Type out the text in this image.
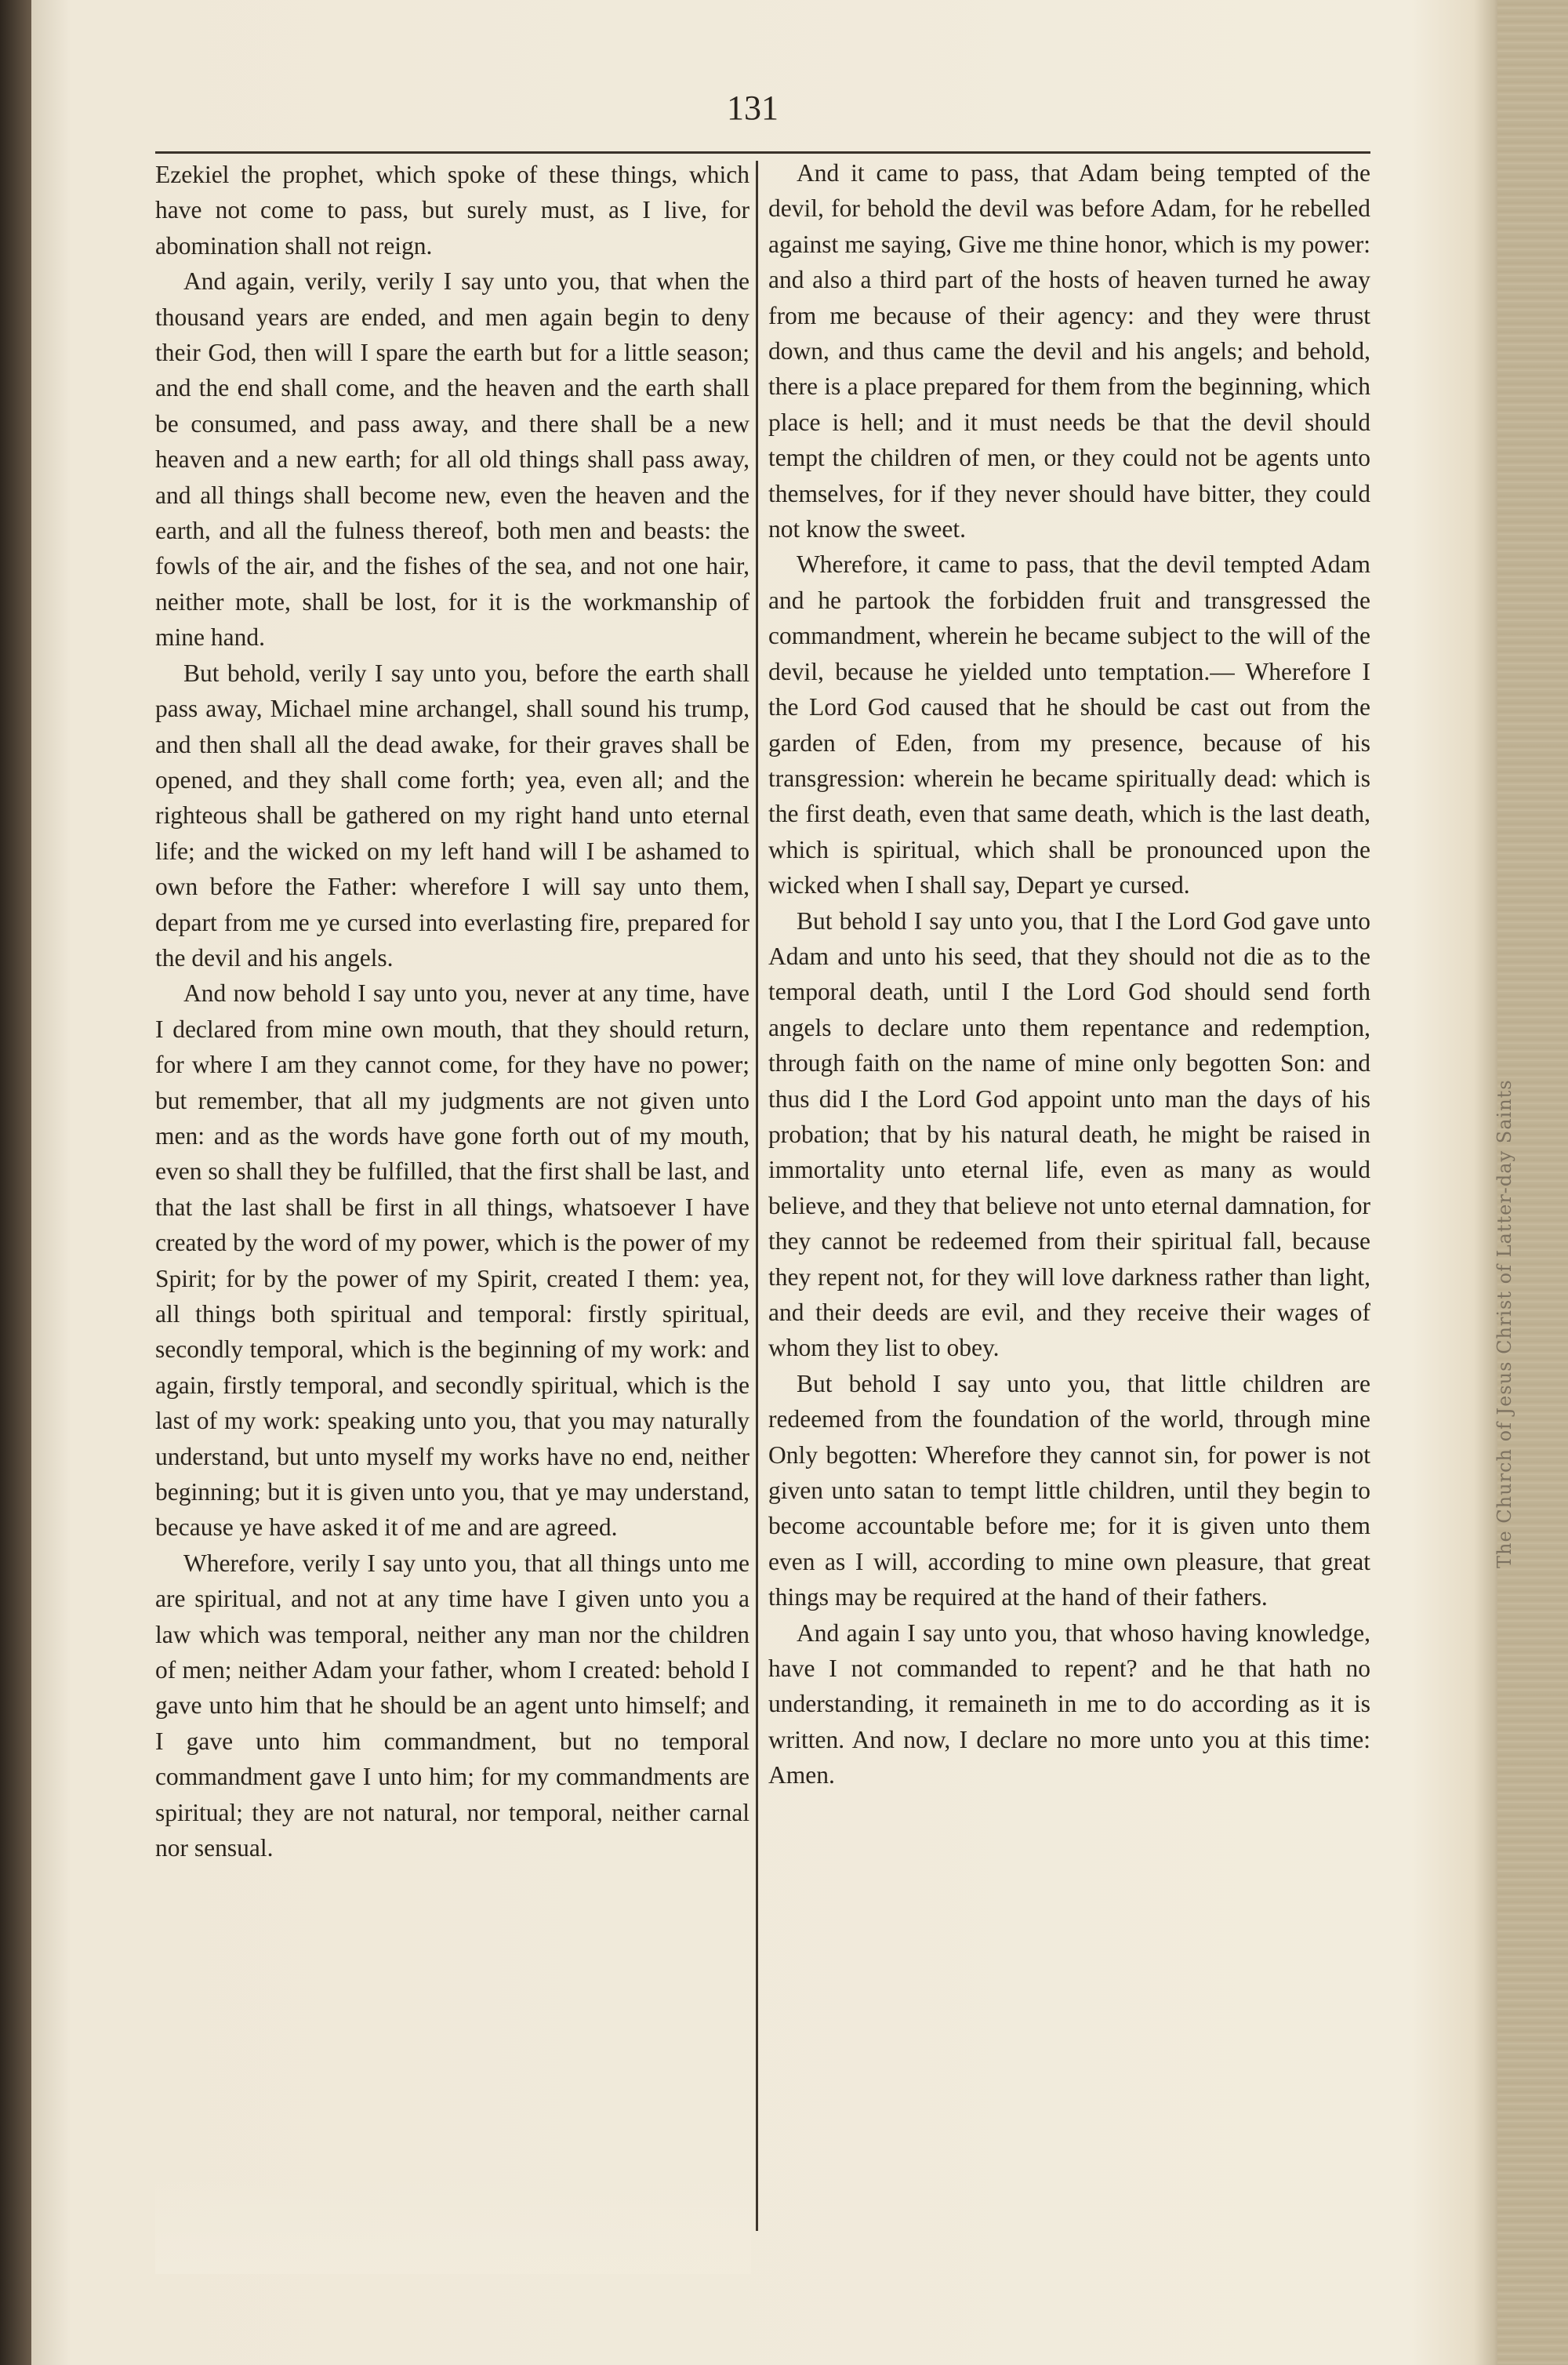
The Church of Jesus Christ of Latter-day Saints
131

Ezekiel the prophet, which spoke of these things, which have not come to pass, but surely must, as I live, for abomination shall not reign.

And again, verily, verily I say unto you, that when the thousand years are ended, and men again begin to deny their God, then will I spare the earth but for a little season; and the end shall come, and the heaven and the earth shall be consumed, and pass away, and there shall be a new heaven and a new earth; for all old things shall pass away, and all things shall become new, even the heaven and the earth, and all the fulness thereof, both men and beasts: the fowls of the air, and the fishes of the sea, and not one hair, neither mote, shall be lost, for it is the workmanship of mine hand.

But behold, verily I say unto you, before the earth shall pass away, Michael mine archangel, shall sound his trump, and then shall all the dead awake, for their graves shall be opened, and they shall come forth; yea, even all; and the righteous shall be gathered on my right hand unto eternal life; and the wicked on my left hand will I be ashamed to own before the Father: wherefore I will say unto them, depart from me ye cursed into everlasting fire, prepared for the devil and his angels.

And now behold I say unto you, never at any time, have I declared from mine own mouth, that they should return, for where I am they cannot come, for they have no power; but remember, that all my judgments are not given unto men: and as the words have gone forth out of my mouth, even so shall they be fulfilled, that the first shall be last, and that the last shall be first in all things, whatsoever I have created by the word of my power, which is the power of my Spirit; for by the power of my Spirit, created I them: yea, all things both spiritual and temporal: firstly spiritual, secondly temporal, which is the beginning of my work: and again, firstly temporal, and secondly spiritual, which is the last of my work: speaking unto you, that you may naturally understand, but unto myself my works have no end, neither beginning; but it is given unto you, that ye may understand, because ye have asked it of me and are agreed.

Wherefore, verily I say unto you, that all things unto me are spiritual, and not at any time have I given unto you a law which was temporal, neither any man nor the children of men; neither Adam your father, whom I created: behold I gave unto him that he should be an agent unto himself; and I gave unto him commandment, but no temporal commandment gave I unto him; for my commandments are spiritual; they are not natural, nor temporal, neither carnal nor sensual.

And it came to pass, that Adam being tempted of the devil, for behold the devil was before Adam, for he rebelled against me saying, Give me thine honor, which is my power: and also a third part of the hosts of heaven turned he away from me because of their agency: and they were thrust down, and thus came the devil and his angels; and behold, there is a place prepared for them from the beginning, which place is hell; and it must needs be that the devil should tempt the children of men, or they could not be agents unto themselves, for if they never should have bitter, they could not know the sweet.

Wherefore, it came to pass, that the devil tempted Adam and he partook the forbidden fruit and transgressed the commandment, wherein he became subject to the will of the devil, because he yielded unto temptation.— Wherefore I the Lord God caused that he should be cast out from the garden of Eden, from my presence, because of his transgression: wherein he became spiritually dead: which is the first death, even that same death, which is the last death, which is spiritual, which shall be pronounced upon the wicked when I shall say, Depart ye cursed.

But behold I say unto you, that I the Lord God gave unto Adam and unto his seed, that they should not die as to the temporal death, until I the Lord God should send forth angels to declare unto them repentance and redemption, through faith on the name of mine only begotten Son: and thus did I the Lord God appoint unto man the days of his probation; that by his natural death, he might be raised in immortality unto eternal life, even as many as would believe, and they that believe not unto eternal damnation, for they cannot be redeemed from their spiritual fall, because they repent not, for they will love darkness rather than light, and their deeds are evil, and they receive their wages of whom they list to obey.

But behold I say unto you, that little children are redeemed from the foundation of the world, through mine Only begotten: Wherefore they cannot sin, for power is not given unto satan to tempt little children, until they begin to become accountable before me; for it is given unto them even as I will, according to mine own pleasure, that great things may be required at the hand of their fathers.

And again I say unto you, that whoso having knowledge, have I not commanded to repent? and he that hath no understanding, it remaineth in me to do according as it is written. And now, I declare no more unto you at this time: Amen.
